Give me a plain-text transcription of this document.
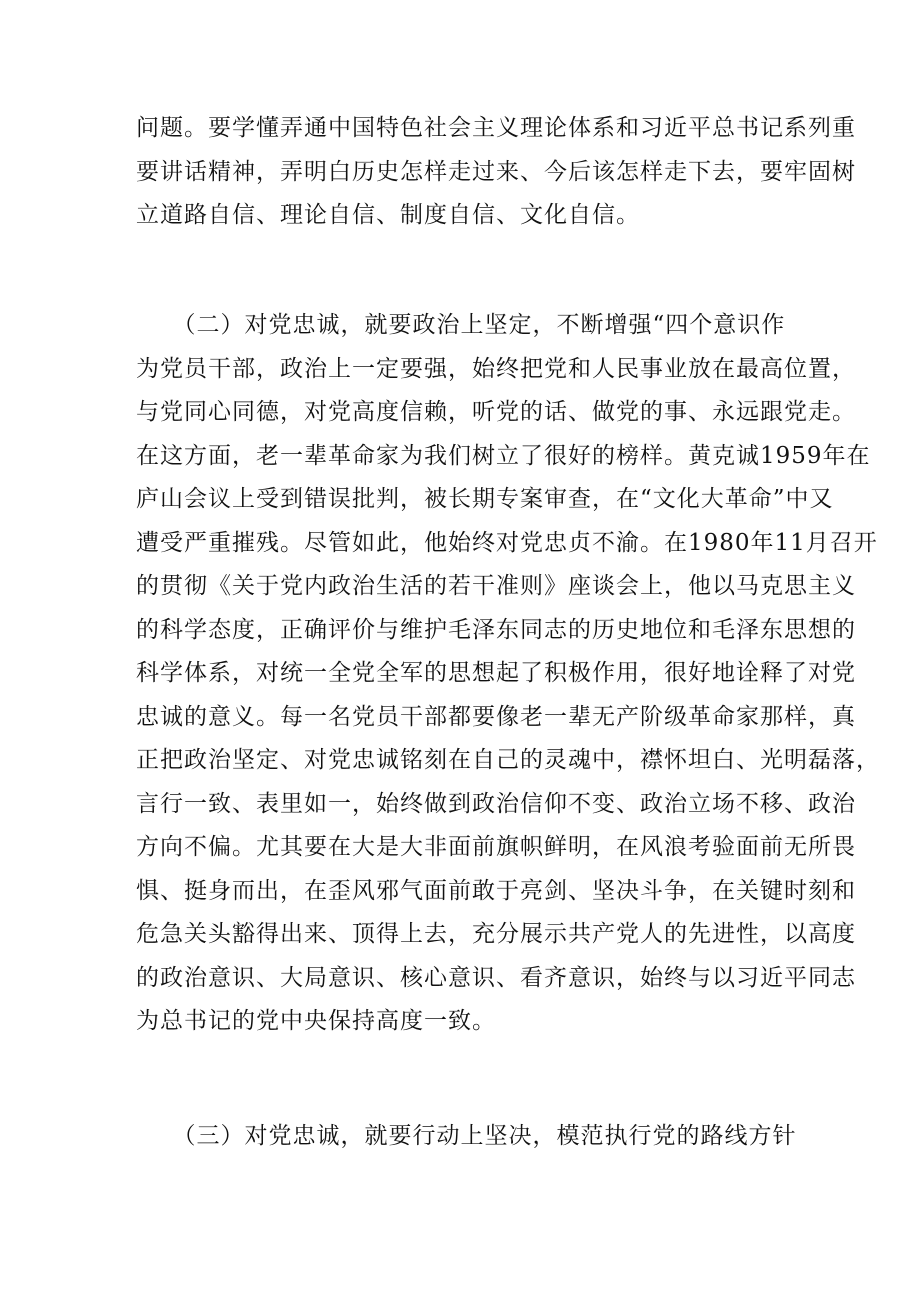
问题。要学懂弄通中国特色社会主义理论体系和习近平总书记系列重
要讲话精神，弄明白历史怎样走过来、今后该怎样走下去，要牢固树
立道路自信、理论自信、制度自信、文化自信。
　　（二）对党忠诚，就要政治上坚定，不断增强“四个意识作
为党员干部，政治上一定要强，始终把党和人民事业放在最高位置，
与党同心同德，对党高度信赖，听党的话、做党的事、永远跟党走。
在这方面，老一辈革命家为我们树立了很好的榜样。黄克诚1959年在
庐山会议上受到错误批判，被长期专案审查，在“文化大革命”中又
遭受严重摧残。尽管如此，他始终对党忠贞不渝。在1980年11月召开
的贯彻《关于党内政治生活的若干准则》座谈会上，他以马克思主义
的科学态度，正确评价与维护毛泽东同志的历史地位和毛泽东思想的
科学体系，对统一全党全军的思想起了积极作用，很好地诠释了对党
忠诚的意义。每一名党员干部都要像老一辈无产阶级革命家那样，真
正把政治坚定、对党忠诚铭刻在自己的灵魂中，襟怀坦白、光明磊落，
言行一致、表里如一，始终做到政治信仰不变、政治立场不移、政治
方向不偏。尤其要在大是大非面前旗帜鲜明，在风浪考验面前无所畏
惧、挺身而出，在歪风邪气面前敢于亮剑、坚决斗争，在关键时刻和
危急关头豁得出来、顶得上去，充分展示共产党人的先进性，以高度
的政治意识、大局意识、核心意识、看齐意识，始终与以习近平同志
为总书记的党中央保持高度一致。
　　（三）对党忠诚，就要行动上坚决，模范执行党的路线方针
